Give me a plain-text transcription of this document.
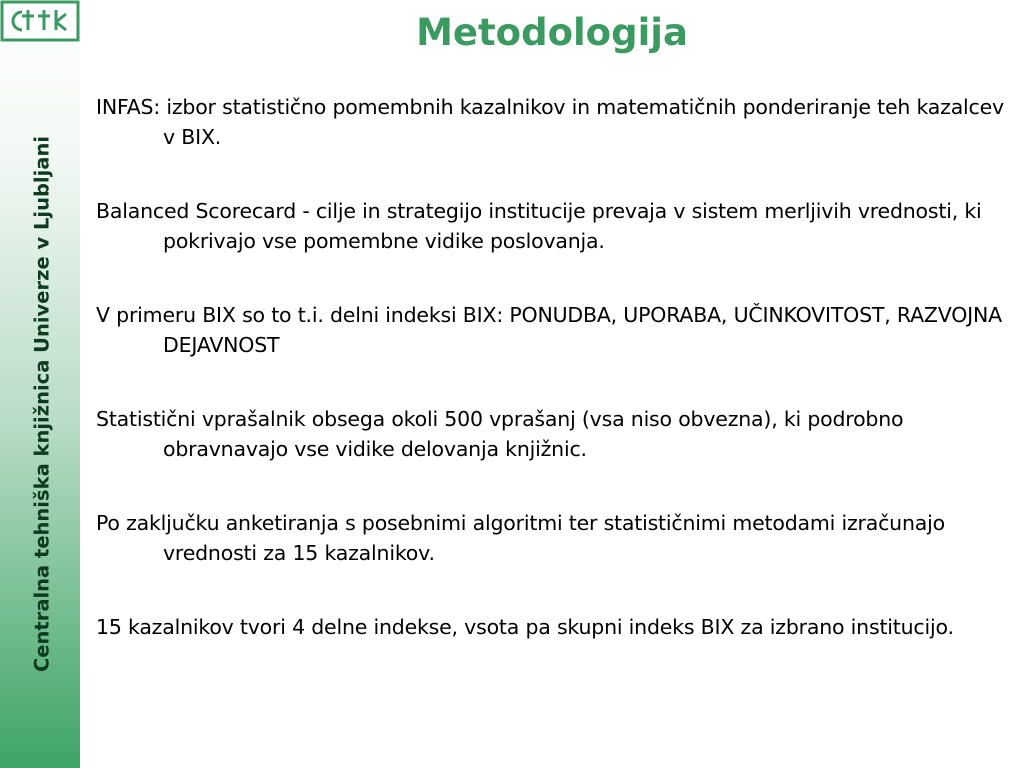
Centralna tehniška knjižnica Univerze v Ljubljani
Metodologija
INFAS: izbor statistično pomembnih kazalnikov in matematičnih ponderiranje teh kazalcev v BIX.
Balanced Scorecard - cilje in strategijo institucije prevaja v sistem merljivih vrednosti, ki pokrivajo vse pomembne vidike poslovanja.
V primeru BIX so to t.i. delni indeksi BIX: PONUDBA, UPORABA, UČINKOVITOST, RAZVOJNA DEJAVNOST
Statistični vprašalnik obsega okoli 500 vprašanj (vsa niso obvezna), ki podrobno obravnavajo vse vidike delovanja knjižnic.
Po zaključku anketiranja s posebnimi algoritmi ter statističnimi metodami izračunajo vrednosti za 15 kazalnikov.
15 kazalnikov tvori 4 delne indekse, vsota pa skupni indeks BIX za izbrano institucijo.
